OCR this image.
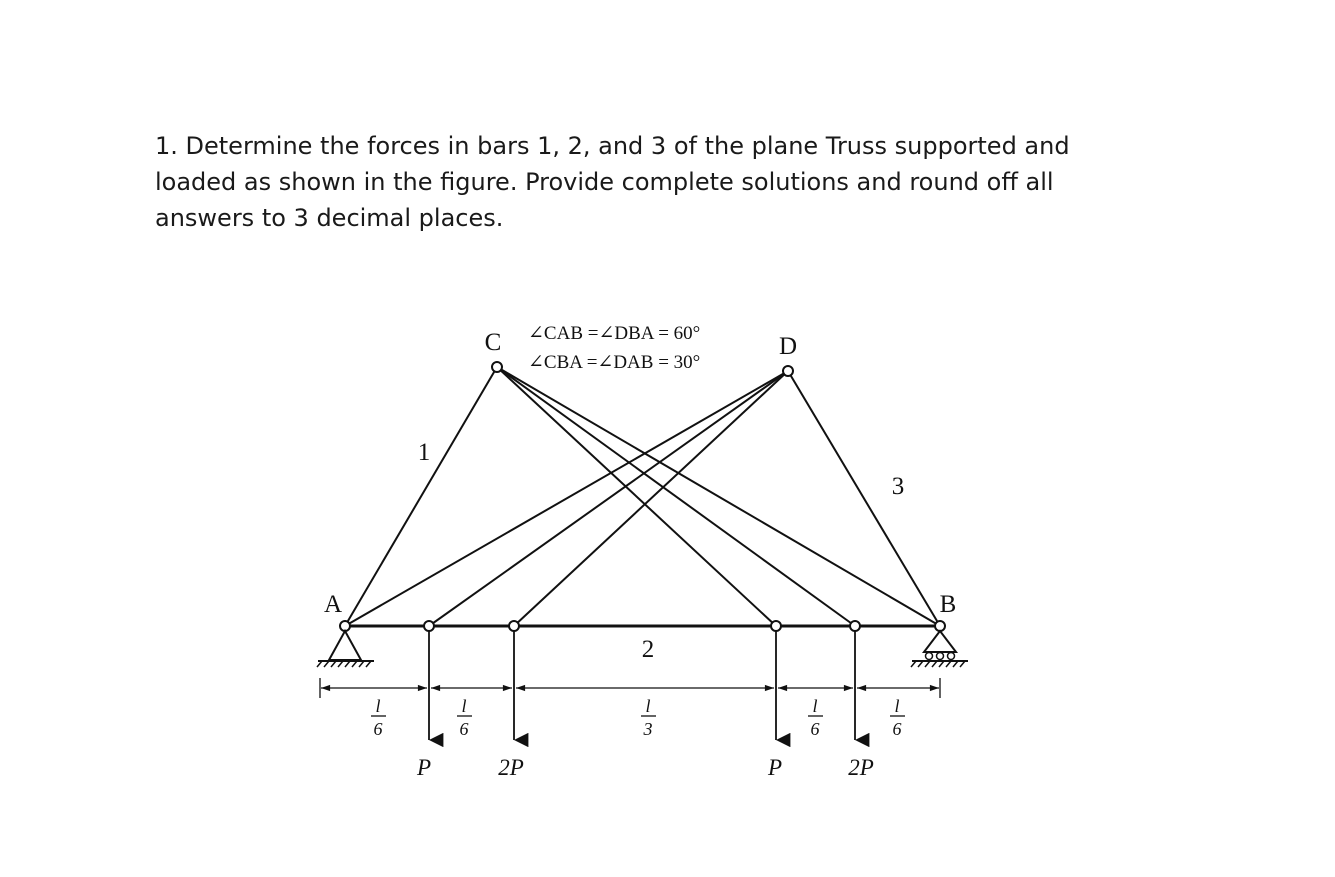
1. Determine the forces in bars 1, 2, and 3 of the plane Truss supported and loaded as shown in the figure. Provide complete solutions and round off all answers to 3 decimal places.

l
6
l
6
l
3
l
6
l
6
P	2P	P	2P
A	B
C	D
1
2
3
∠CAB =∠DBA = 60°
∠CBA =∠DAB = 30°
